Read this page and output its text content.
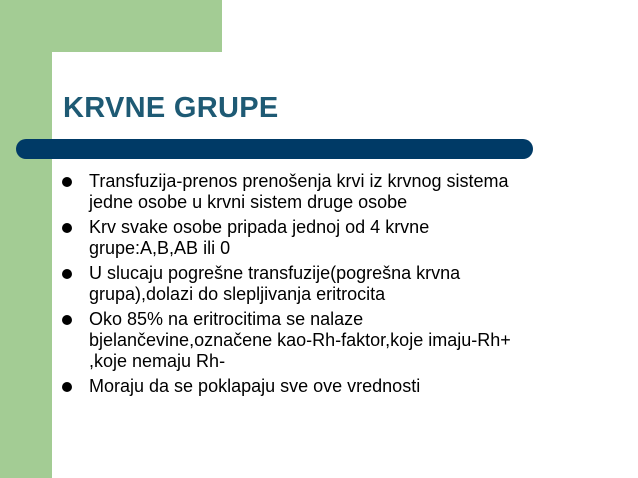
KRVNE GRUPE
Transfuzija-prenos prenošenja krvi iz krvnog sistema
jedne osobe u krvni sistem druge osobe
Krv svake osobe pripada jednoj od 4 krvne
grupe:A,B,AB ili 0
U slucaju pogrešne transfuzije(pogrešna krvna
grupa),dolazi do slepljivanja eritrocita
Oko 85% na eritrocitima se nalaze
bjelančevine,označene kao-Rh-faktor,koje imaju-Rh+
,koje nemaju Rh-
Moraju da se poklapaju sve ove vrednosti
